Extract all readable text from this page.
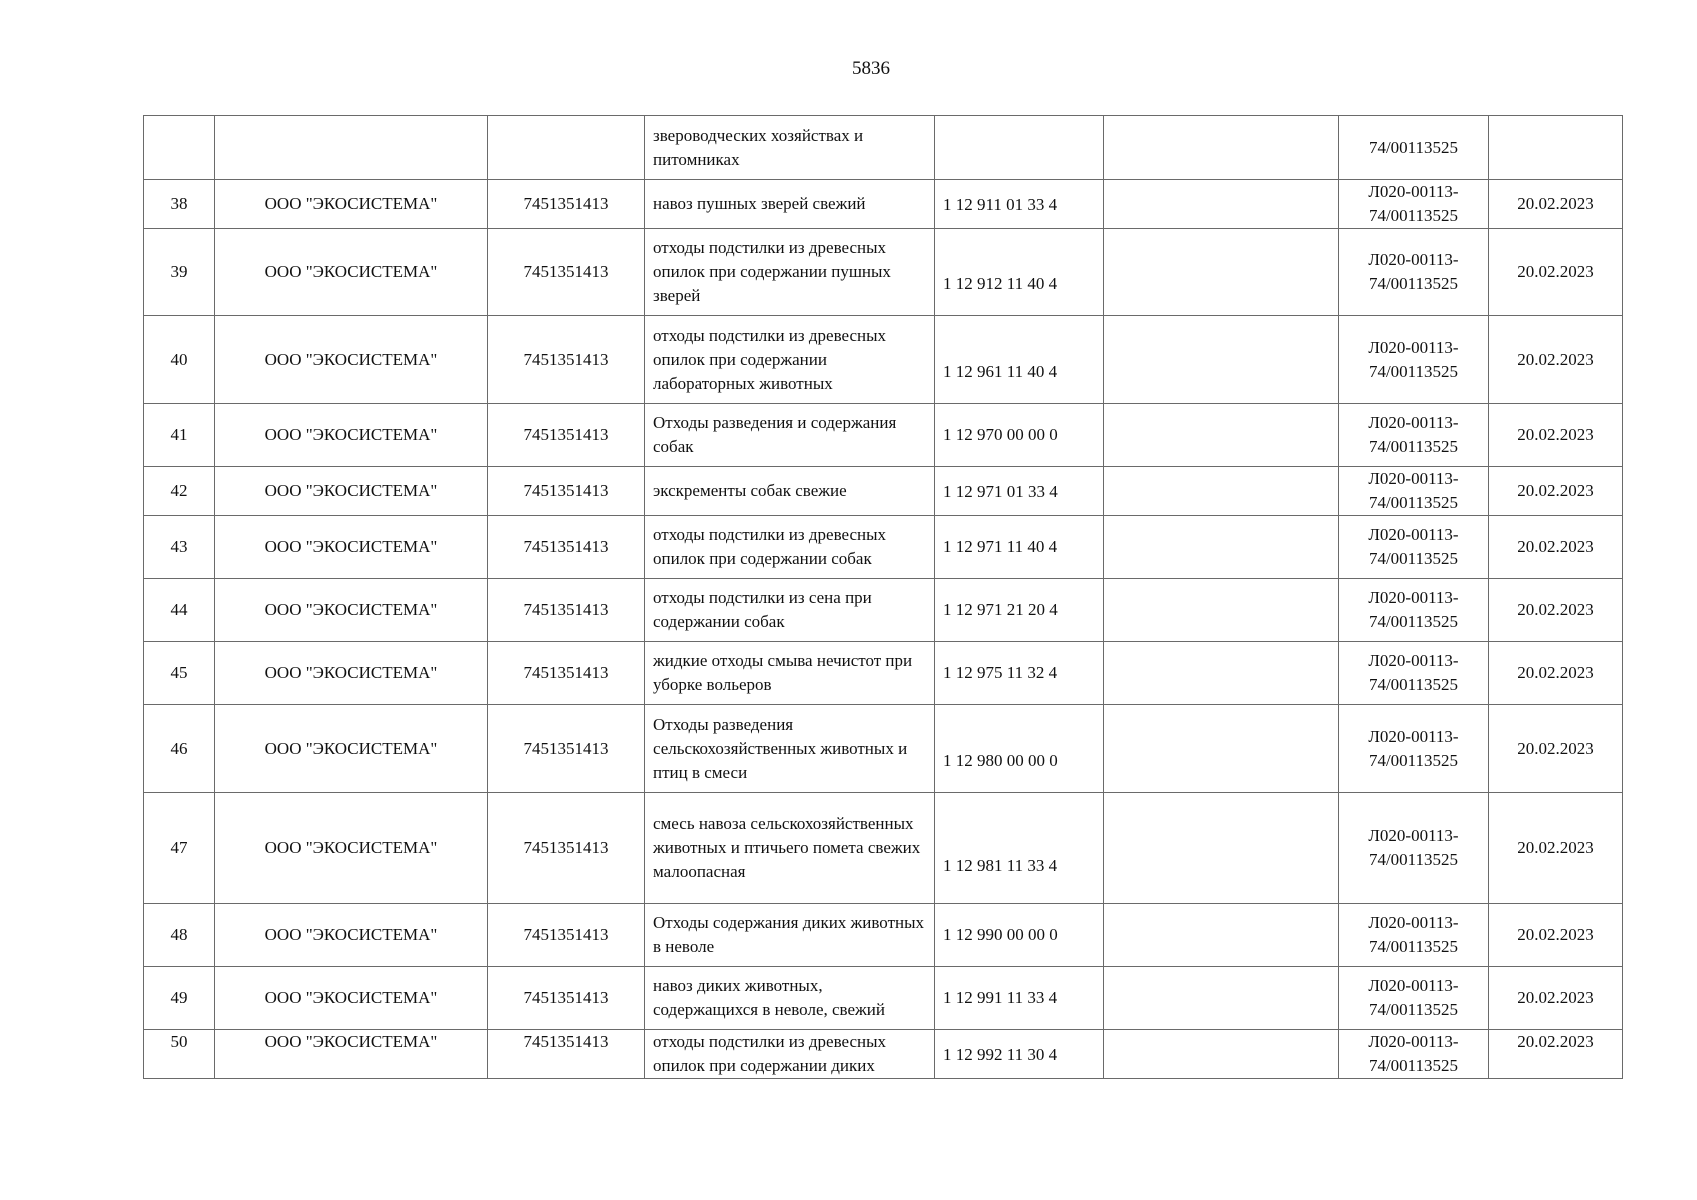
5836
			звероводческих хозяйствах и питомниках			74/00113525	
38	ООО "ЭКОСИСТЕМА"	7451351413	навоз пушных зверей свежий	1 12 911 01 33 4		Л020-00113-74/00113525	20.02.2023
39	ООО "ЭКОСИСТЕМА"	7451351413	отходы подстилки из древесных опилок при содержании пушных зверей	1 12 912 11 40 4		Л020-00113-74/00113525	20.02.2023
40	ООО "ЭКОСИСТЕМА"	7451351413	отходы подстилки из древесных опилок при содержании лабораторных животных	1 12 961 11 40 4		Л020-00113-74/00113525	20.02.2023
41	ООО "ЭКОСИСТЕМА"	7451351413	Отходы разведения и содержания собак	1 12 970 00 00 0		Л020-00113-74/00113525	20.02.2023
42	ООО "ЭКОСИСТЕМА"	7451351413	экскременты собак свежие	1 12 971 01 33 4		Л020-00113-74/00113525	20.02.2023
43	ООО "ЭКОСИСТЕМА"	7451351413	отходы подстилки из древесных опилок при содержании собак	1 12 971 11 40 4		Л020-00113-74/00113525	20.02.2023
44	ООО "ЭКОСИСТЕМА"	7451351413	отходы подстилки из сена при содержании собак	1 12 971 21 20 4		Л020-00113-74/00113525	20.02.2023
45	ООО "ЭКОСИСТЕМА"	7451351413	жидкие отходы смыва нечистот при уборке вольеров	1 12 975 11 32 4		Л020-00113-74/00113525	20.02.2023
46	ООО "ЭКОСИСТЕМА"	7451351413	Отходы разведения сельскохозяйственных животных и птиц в смеси	1 12 980 00 00 0		Л020-00113-74/00113525	20.02.2023
47	ООО "ЭКОСИСТЕМА"	7451351413	смесь навоза сельскохозяйственных животных и птичьего помета свежих малоопасная	1 12 981 11 33 4		Л020-00113-74/00113525	20.02.2023
48	ООО "ЭКОСИСТЕМА"	7451351413	Отходы содержания диких животных в неволе	1 12 990 00 00 0		Л020-00113-74/00113525	20.02.2023
49	ООО "ЭКОСИСТЕМА"	7451351413	навоз диких животных, содержащихся в неволе, свежий	1 12 991 11 33 4		Л020-00113-74/00113525	20.02.2023
50	ООО "ЭКОСИСТЕМА"	7451351413	отходы подстилки из древесных опилок при содержании диких	1 12 992 11 30 4		Л020-00113-74/00113525	20.02.2023
